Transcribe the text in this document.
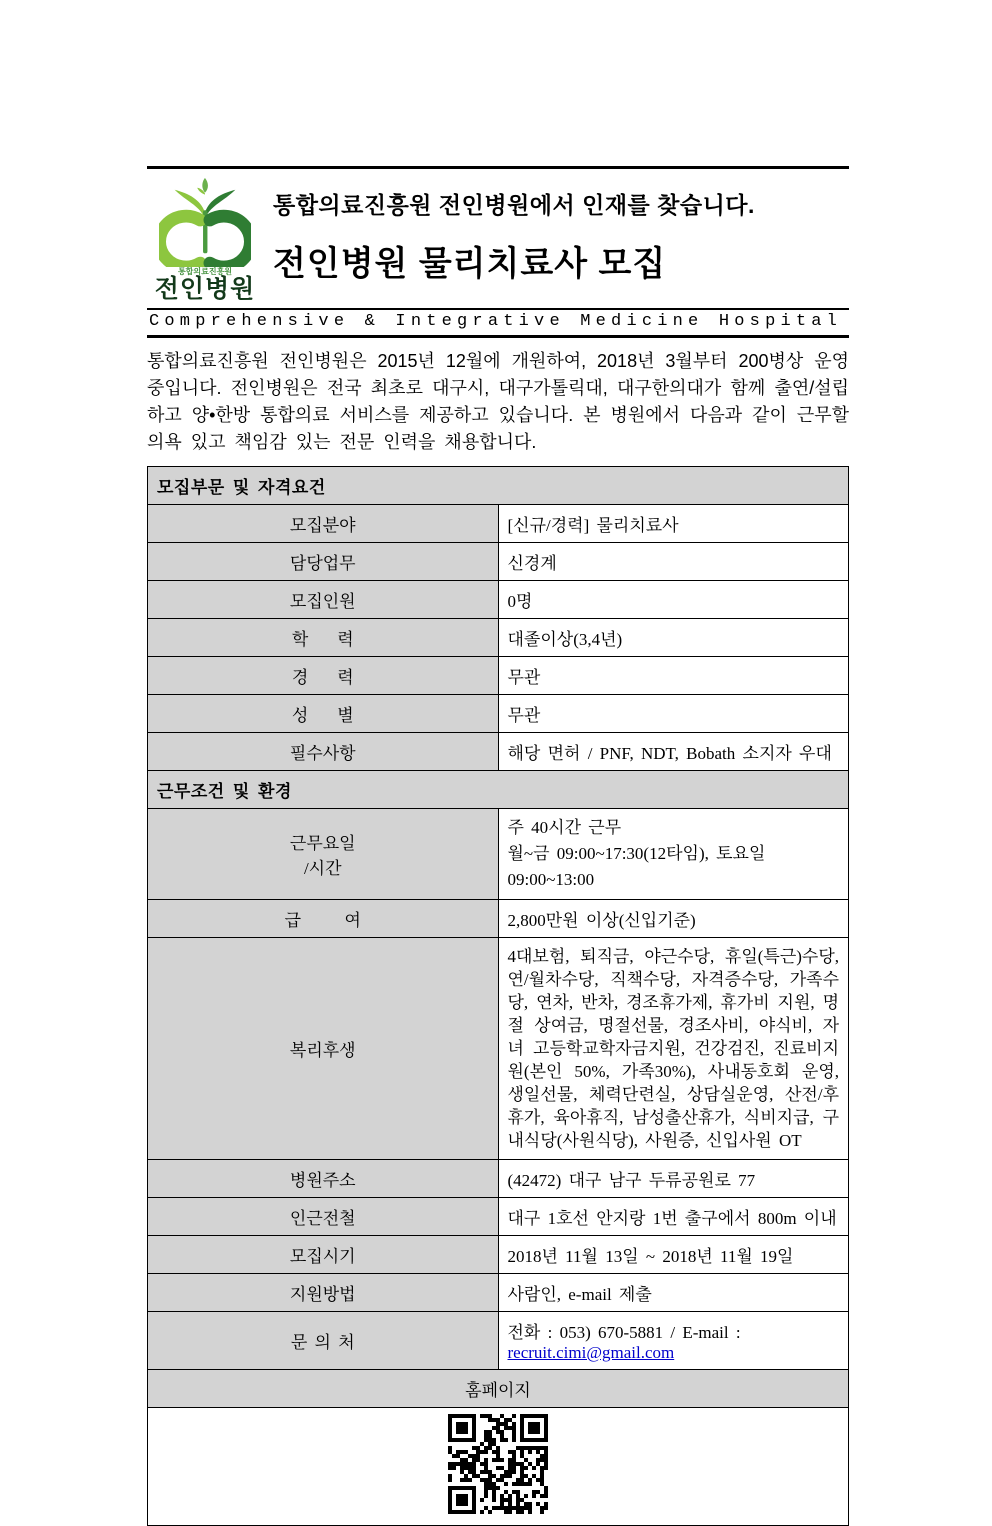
통합의료진흥원
전인병원
통합의료진흥원 전인병원에서 인재를 찾습니다.
전인병원 물리치료사 모집
Comprehensive & Integrative Medicine Hospital
통합의료진흥원 전인병원은 2015년 12월에 개원하여, 2018년 3월부터 200병상 운영 중입니다. 전인병원은 전국 최초로 대구시, 대구가톨릭대, 대구한의대가 함께 출연/설립하고 양•한방 통합의료 서비스를 제공하고 있습니다. 본 병원에서 다음과 같이 근무할 의욕 있고 책임감 있는 전문 인력을 채용합니다.
모집부문 및 자격요건	
모집분야	[신규/경력] 물리치료사
담당업무	신경계
모집인원	0명
학    력	대졸이상(3,4년)
경    력	무관
성    별	무관
필수사항	해당 면허 / PNF, NDT, Bobath 소지자 우대
근무조건 및 환경	
근무요일
/시간	주 40시간 근무
월~금 09:00~17:30(12타임), 토요일 09:00~13:00
급      여	2,800만원 이상(신입기준)
복리후생	4대보험, 퇴직금, 야근수당, 휴일(특근)수당, 연/월차수당, 직책수당, 자격증수당, 가족수당, 연차, 반차, 경조휴가제, 휴가비 지원, 명절 상여금, 명절선물, 경조사비, 야식비, 자녀 고등학교학자금지원, 건강검진, 진료비지원(본인 50%, 가족30%), 사내동호회 운영, 생일선물, 체력단련실, 상담실운영, 산전/후 휴가, 육아휴직, 남성출산휴가, 식비지급, 구내식당(사원식당), 사원증, 신입사원 OT
병원주소	(42472) 대구 남구 두류공원로 77
인근전철	대구 1호선 안지랑 1번 출구에서 800m 이내
모집시기	2018년 11월 13일 ~ 2018년 11월 19일
지원방법	사람인, e-mail 제출
문 의 처	전화 : 053) 670-5881 / E-mail : recruit.cimi@gmail.com
홈페이지	
